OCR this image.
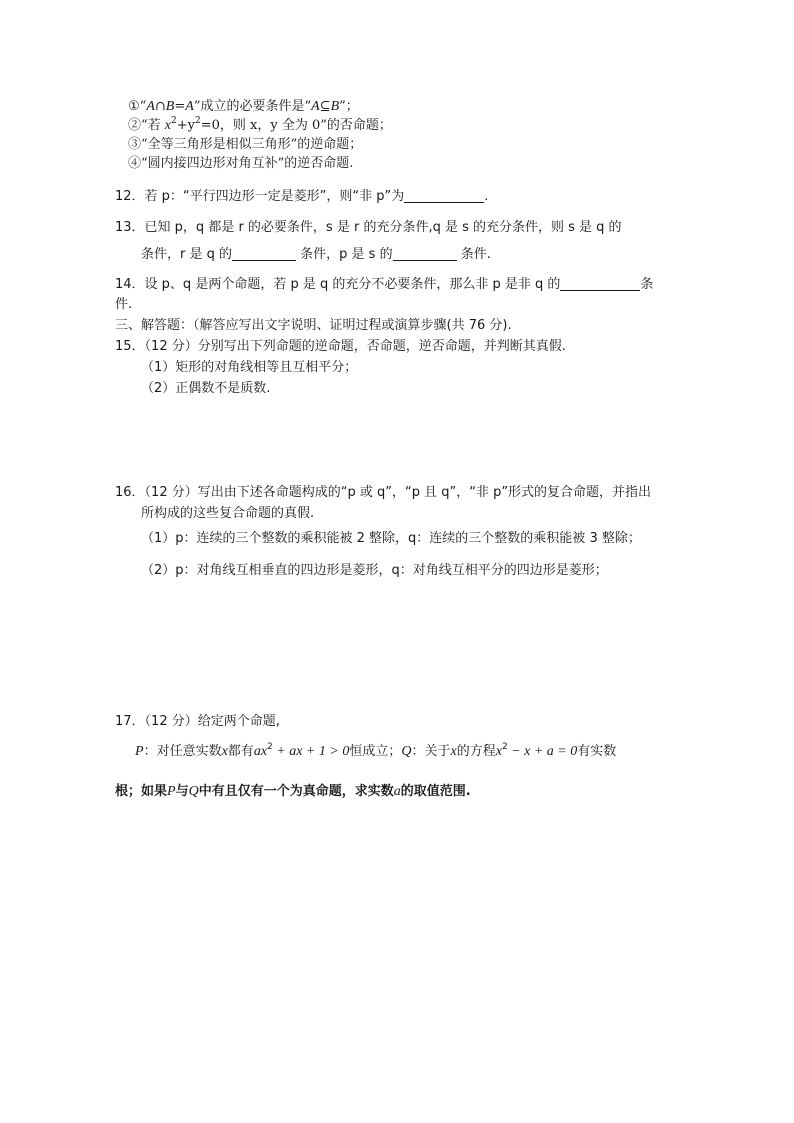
①“A∩B=A”成立的必要条件是“A⊆B”；
②“若 $x^2+y^2=0$，则 x，y 全为 0”的否命题；
③“全等三角形是相似三角形”的逆命题；
④“圆内接四边形对角互补”的逆否命题.
12．若 p：“平行四边形一定是菱形”，则“非 p”为	.
13．已知 p，q 都是 r 的必要条件，s 是 r 的充分条件,q 是 s 的充分条件，则 s 是 q 的
条件，r 是 q 的	条件，p 是 s 的	条件.
14．设 p、q 是两个命题，若 p 是 q 的充分不必要条件，那么非 p 是非 q 的	条
件.
三、解答题：（解答应写出文字说明、证明过程或演算步骤(共 76 分).
15．（12 分）分别写出下列命题的逆命题，否命题，逆否命题，并判断其真假.
（1）矩形的对角线相等且互相平分；
（2）正偶数不是质数.
16．（12 分）写出由下述各命题构成的“p 或 q”，“p 且 q”，“非 p”形式的复合命题，并指出
所构成的这些复合命题的真假.
（1）p：连续的三个整数的乘积能被 2 整除，q：连续的三个整数的乘积能被 3 整除；
（2）p：对角线互相垂直的四边形是菱形，q：对角线互相平分的四边形是菱形；
17．（12 分）给定两个命题,
P：对任意实数x都有$ax^2$ + ax + 1 > 0恒成立；Q：关于x的方程$x^2 - x + a = 0$有实数
根；如果P与Q中有且仅有一个为真命题，求实数a的取值范围.
